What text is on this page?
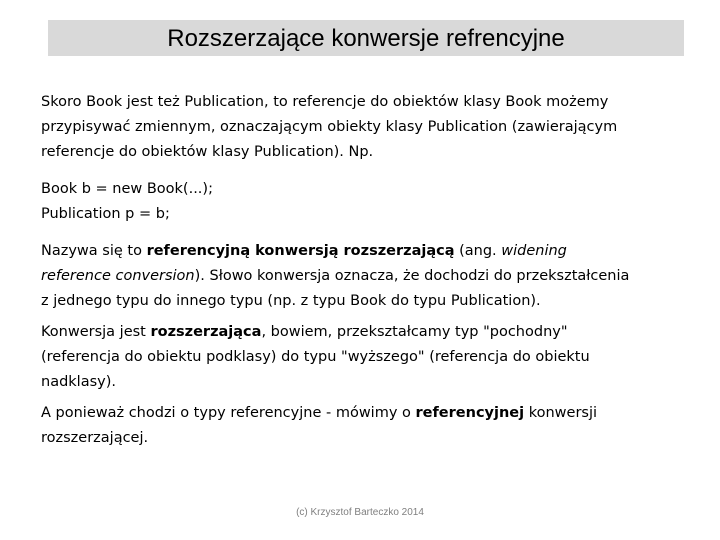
Rozszerzające konwersje refrencyjne

Skoro Book jest też Publication, to referencje do obiektów klasy Book możemy
przypisywać zmiennym, oznaczającym obiekty klasy Publication (zawierającym
referencje do obiektów klasy Publication). Np.

Book b = new Book(...);
Publication p = b;

Nazywa się to referencyjną konwersją rozszerzającą (ang. widening
reference conversion). Słowo konwersja oznacza, że dochodzi do przekształcenia
z jednego typu do innego typu (np. z typu Book do typu Publication).

Konwersja jest rozszerzająca, bowiem, przekształcamy typ "pochodny"
(referencja do obiektu podklasy) do typu "wyższego" (referencja do obiektu
nadklasy).

A ponieważ chodzi o typy referencyjne - mówimy o referencyjnej konwersji
rozszerzającej.

(c) Krzysztof Barteczko 2014
